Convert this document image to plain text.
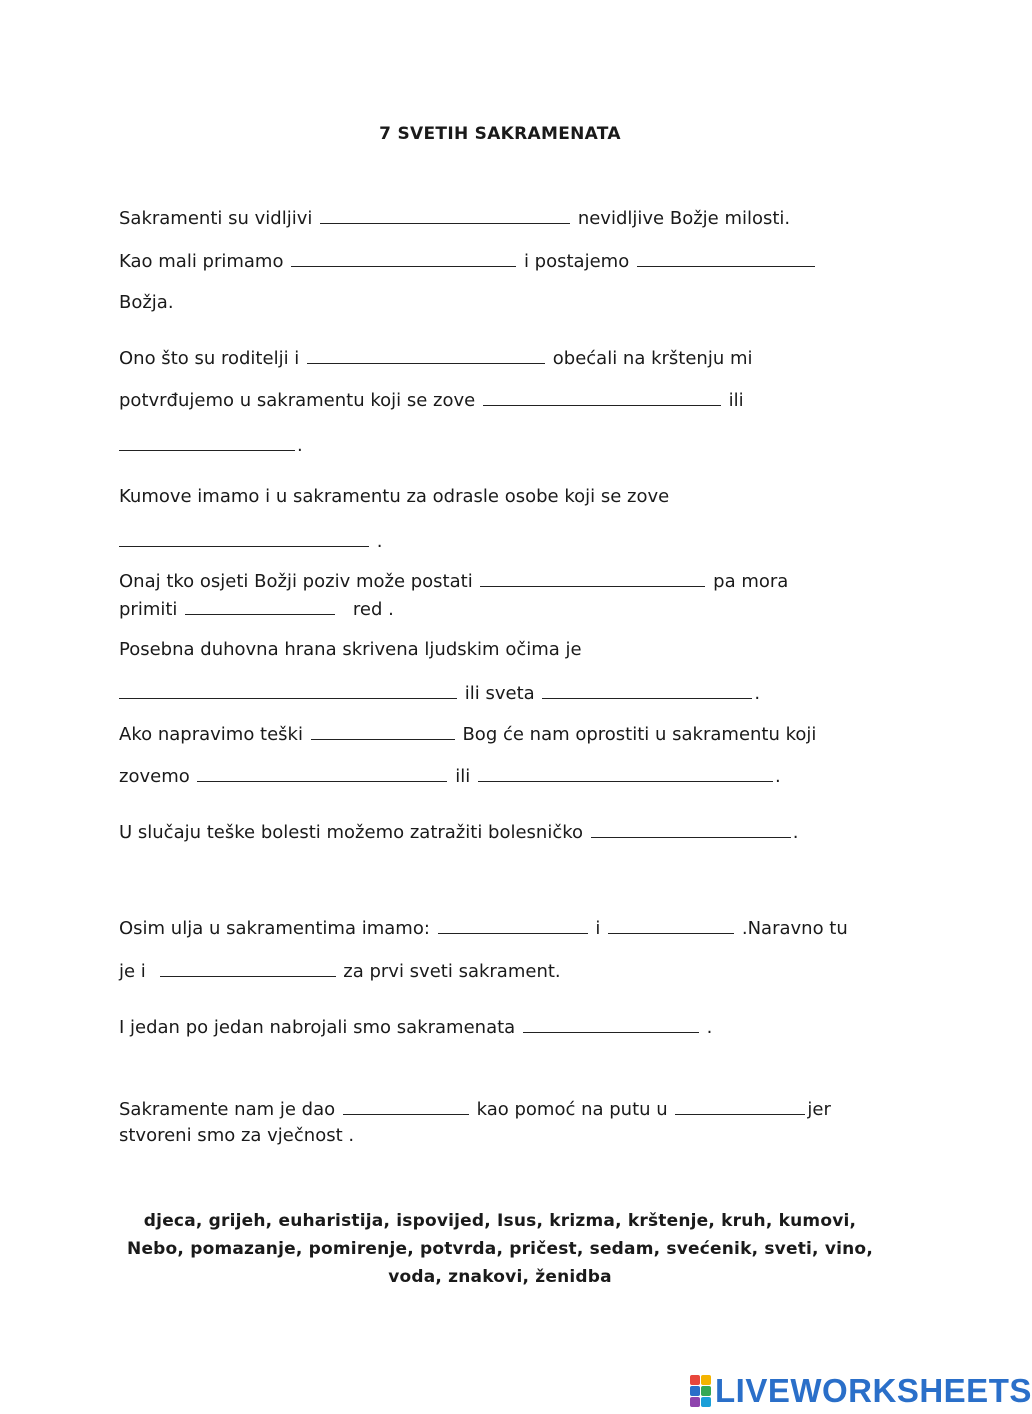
7 SVETIH SAKRAMENATA
Sakramenti su vidljivi	nevidljive Božje milosti.
Kao mali primamo	i postajemo
Božja.
Ono što su roditelji i	obećali na krštenju mi
potvrđujemo u sakramentu koji se zove	ili
.
Kumove imamo i u sakramentu za odrasle osobe koji se zove
.
Onaj tko osjeti Božji poziv može postati	pa mora
primiti	red .
Posebna duhovna hrana skrivena ljudskim očima je
ili sveta	.
Ako napravimo teški	Bog će nam oprostiti u sakramentu koji
zovemo	ili	.
U slučaju teške bolesti možemo zatražiti bolesničko	.
Osim ulja u sakramentima imamo:	i	.Naravno tu
je i	za prvi sveti sakrament.
I jedan po jedan nabrojali smo sakramenata	.
Sakramente nam je dao	kao pomoć na putu u	jer
stvoreni smo za vječnost .
djeca, grijeh, euharistija, ispovijed, Isus, krizma, krštenje, kruh, kumovi,
Nebo, pomazanje, pomirenje, potvrda, pričest, sedam, svećenik, sveti, vino,
voda, znakovi, ženidba
LIVEWORKSHEETS
